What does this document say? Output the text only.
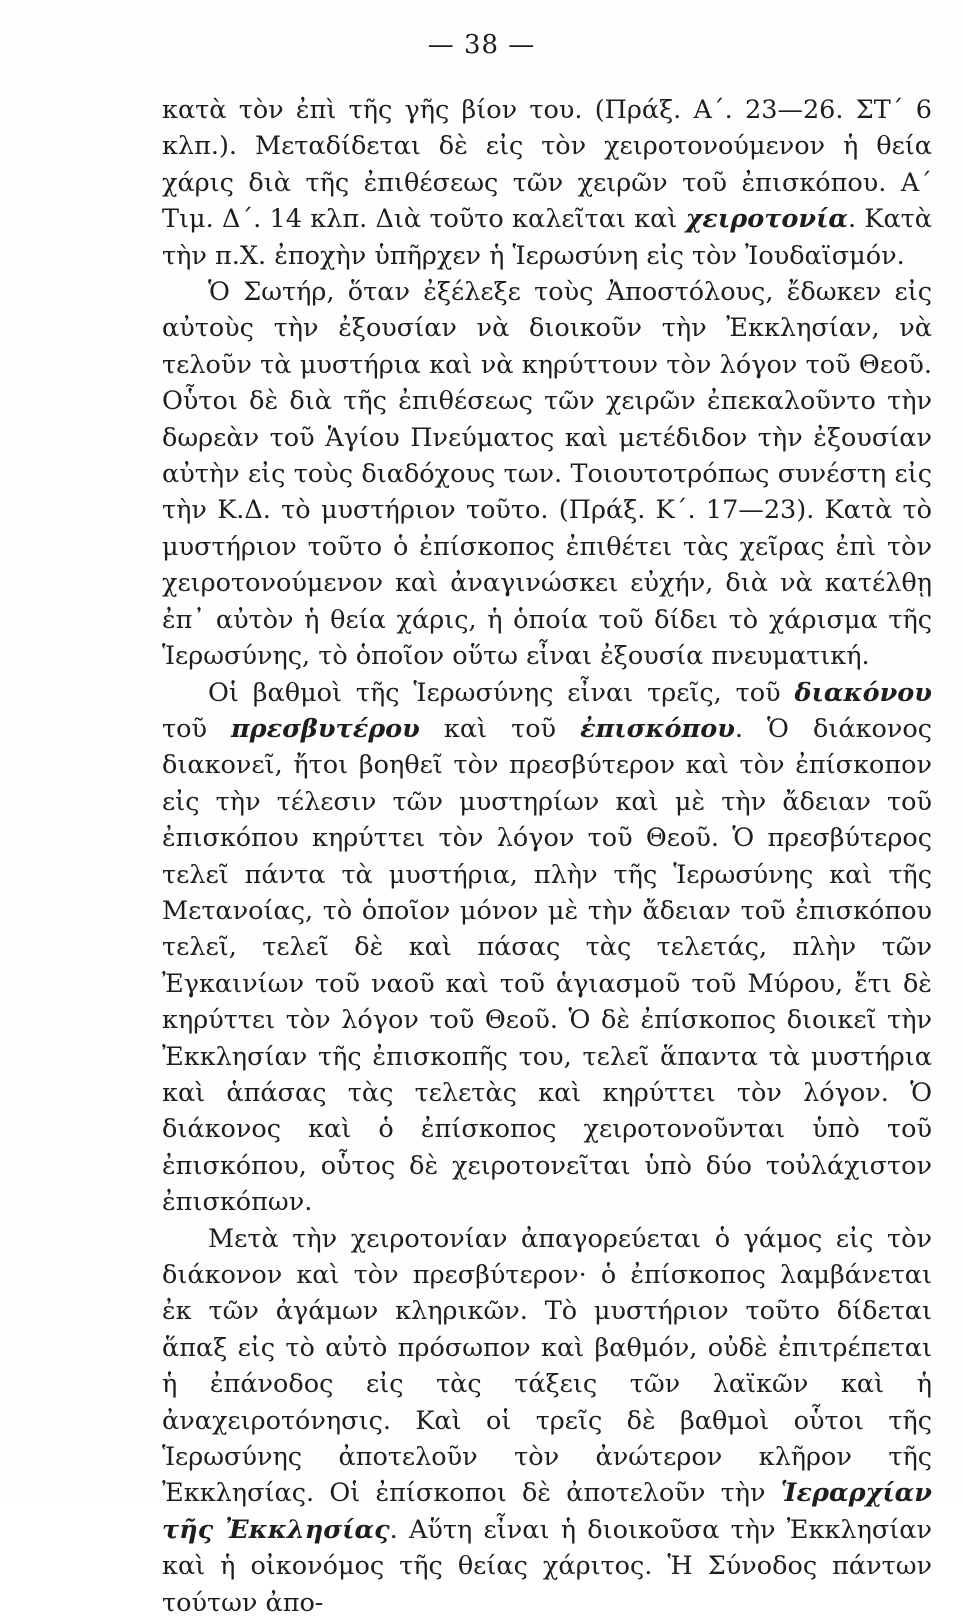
— 38 —

κατὰ τὸν ἐπὶ τῆς γῆς βίον του. (Πράξ. Α΄. 23—26. ΣΤ΄ 6 κλπ.). Μεταδίδεται δὲ εἰς τὸν χειροτονούμενον ἡ θεία χάρις διὰ τῆς ἐπιθέσεως τῶν χειρῶν τοῦ ἐπισκόπου. Α΄ Τιμ. Δ΄. 14 κλπ. Διὰ τοῦτο καλεῖται καὶ χειροτονία. Κατὰ τὴν π.Χ. ἐποχὴν ὑπῆρχεν ἡ Ἱερωσύνη εἰς τὸν Ἰουδαϊσμόν.

Ὁ Σωτήρ, ὅταν ἐξέλεξε τοὺς Ἀποστόλους, ἔδωκεν εἰς αὐτοὺς τὴν ἐξουσίαν νὰ διοικοῦν τὴν Ἐκκλησίαν, νὰ τελοῦν τὰ μυστήρια καὶ νὰ κηρύττουν τὸν λόγον τοῦ Θεοῦ. Οὗτοι δὲ διὰ τῆς ἐπιθέσεως τῶν χειρῶν ἐπεκαλοῦντο τὴν δωρεὰν τοῦ Ἁγίου Πνεύματος καὶ μετέδιδον τὴν ἐξουσίαν αὐτὴν εἰς τοὺς διαδόχους των. Τοιουτοτρόπως συνέστη εἰς τὴν Κ.Δ. τὸ μυστήριον τοῦτο. (Πράξ. Κ΄. 17—23). Κατὰ τὸ μυστήριον τοῦτο ὁ ἐπίσκοπος ἐπιθέτει τὰς χεῖρας ἐπὶ τὸν χειροτονούμενον καὶ ἀναγινώσκει εὐχήν, διὰ νὰ κατέλθῃ ἐπ᾽ αὐτὸν ἡ θεία χάρις, ἡ ὁποία τοῦ δίδει τὸ χάρισμα τῆς Ἱερωσύνης, τὸ ὁποῖον οὕτω εἶναι ἐξουσία πνευματική.

Οἱ βαθμοὶ τῆς Ἱερωσύνης εἶναι τρεῖς, τοῦ διακόνου τοῦ πρεσβυτέρου καὶ τοῦ ἐπισκόπου. Ὁ διάκονος διακονεῖ, ἤτοι βοηθεῖ τὸν πρεσβύτερον καὶ τὸν ἐπίσκοπον εἰς τὴν τέλεσιν τῶν μυστηρίων καὶ μὲ τὴν ἄδειαν τοῦ ἐπισκόπου κηρύττει τὸν λόγον τοῦ Θεοῦ. Ὁ πρεσβύτερος τελεῖ πάντα τὰ μυστήρια, πλὴν τῆς Ἱερωσύνης καὶ τῆς Μετανοίας, τὸ ὁποῖον μόνον μὲ τὴν ἄδειαν τοῦ ἐπισκόπου τελεῖ, τελεῖ δὲ καὶ πάσας τὰς τελετάς, πλὴν τῶν Ἐγκαινίων τοῦ ναοῦ καὶ τοῦ ἁγιασμοῦ τοῦ Μύρου, ἔτι δὲ κηρύττει τὸν λόγον τοῦ Θεοῦ. Ὁ δὲ ἐπίσκοπος διοικεῖ τὴν Ἐκκλησίαν τῆς ἐπισκοπῆς του, τελεῖ ἅπαντα τὰ μυστήρια καὶ ἁπάσας τὰς τελετὰς καὶ κηρύττει τὸν λόγον. Ὁ διάκονος καὶ ὁ ἐπίσκοπος χειροτονοῦνται ὑπὸ τοῦ ἐπισκόπου, οὗτος δὲ χειροτονεῖται ὑπὸ δύο τοὐλάχιστον ἐπισκόπων.

Μετὰ τὴν χειροτονίαν ἀπαγορεύεται ὁ γάμος εἰς τὸν διάκονον καὶ τὸν πρεσβύτερον· ὁ ἐπίσκοπος λαμβάνεται ἐκ τῶν ἀγάμων κληρικῶν. Τὸ μυστήριον τοῦτο δίδεται ἅπαξ εἰς τὸ αὐτὸ πρόσωπον καὶ βαθμόν, οὐδὲ ἐπιτρέπεται ἡ ἐπάνοδος εἰς τὰς τάξεις τῶν λαϊκῶν καὶ ἡ ἀναχειροτόνησις. Καὶ οἱ τρεῖς δὲ βαθμοὶ οὗτοι τῆς Ἱερωσύνης ἀποτελοῦν τὸν ἀνώτερον κλῆρον τῆς Ἐκκλησίας. Οἱ ἐπίσκοποι δὲ ἀποτελοῦν τὴν Ἱεραρχίαν τῆς Ἐκκλησίας. Αὕτη εἶναι ἡ διοικοῦσα τὴν Ἐκκλησίαν καὶ ἡ οἰκονόμος τῆς θείας χάριτος. Ἡ Σύνοδος πάντων τούτων ἀπο-
